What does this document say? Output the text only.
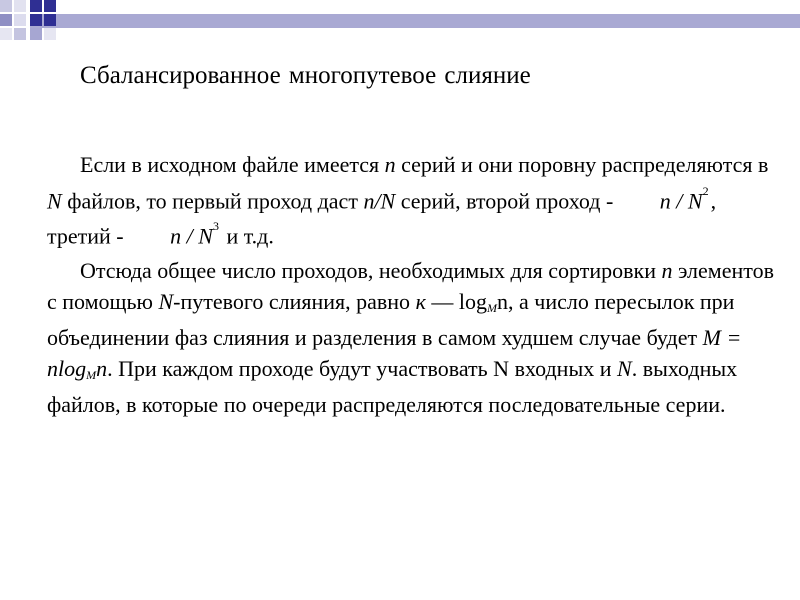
Сбалансированное многопутевое слияние

Если в исходном файле имеется n серий и они поровну распределяются в N файлов, то первый проход даст n/N серий, второй проход - n / $N^2$, третий - n / $N^3$ и т.д.

Отсюда общее число проходов, необходимых для сортировки n элементов с помощью N-путевого слияния, равно к — $\log_Mn$, а число пересылок при объединении фаз слияния и разделения в самом худшем случае будет M = nlog$_M$n. При каждом проходе будут участвовать N входных и N. выходных файлов, в которые по очереди распределяются последовательные серии.
